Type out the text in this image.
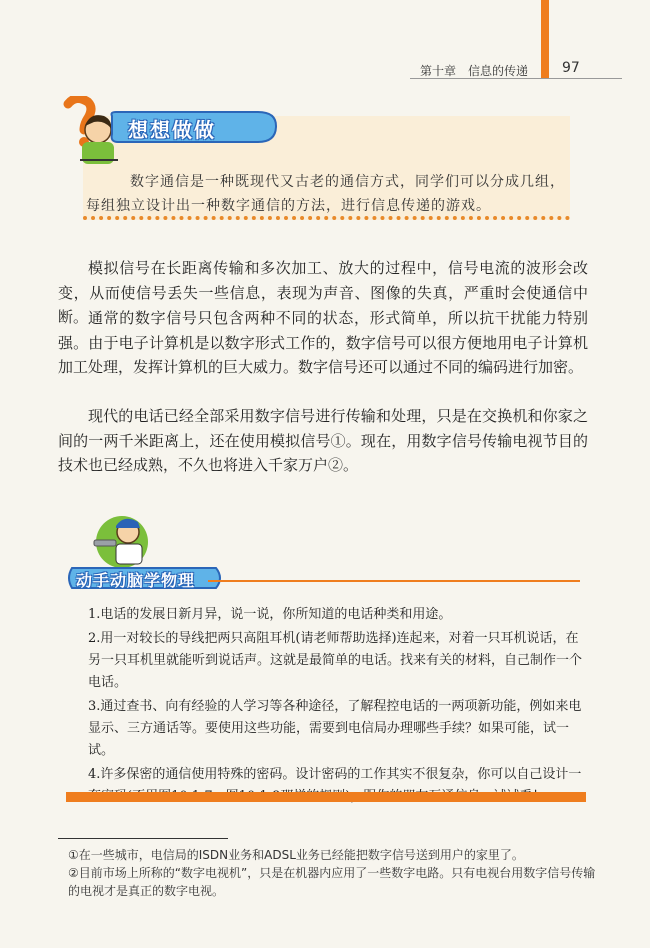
第十章　信息的传递 97
想想做做
数字通信是一种既现代又古老的通信方式，同学们可以分成几组，
每组独立设计出一种数字通信的方法，进行信息传递的游戏。
模拟信号在长距离传输和多次加工、放大的过程中，信号电流的波形会改变，从而使信号丢失一些信息，表现为声音、图像的失真，严重时会使通信中断。 通常的数字信号只包含两种不同的状态，形式简单，所以抗干扰能力特别强。由于电子计算机是以数字形式工作的，数字信号可以很方便地用电子计算机加工处理，发挥计算机的巨大威力。数字信号还可以通过不同的编码进行加密。
现代的电话已经全部采用数字信号进行传输和处理，只是在交换机和你家之间的一两千米距离上，还在使用模拟信号①。现在，用数字信号传输电视节目的技术也已经成熟，不久也将进入千家万户②。
动手动脑学物理

1.电话的发展日新月异，说一说，你所知道的电话种类和用途。

2.用一对较长的导线把两只高阻耳机(请老师帮助选择)连起来，对着一只耳机说话，在另一只耳机里就能听到说话声。这就是最简单的电话。找来有关的材料，自己制作一个电话。

3.通过查书、向有经验的人学习等各种途径，了解程控电话的一两项新功能，例如来电显示、三方通话等。要使用这些功能，需要到电信局办理哪些手续？如果可能，试一试。

4.许多保密的通信使用特殊的密码。设计密码的工作其实不很复杂，你可以自己设计一

①在一些城市，电信局的ISDN业务和ADSL业务已经能把数字信号送到用户的家里了。

②目前市场上所称的“数字电视机”，只是在机器内应用了一些数字电路。只有电视台用数字信号传输的电视才是真正的数字电视。
